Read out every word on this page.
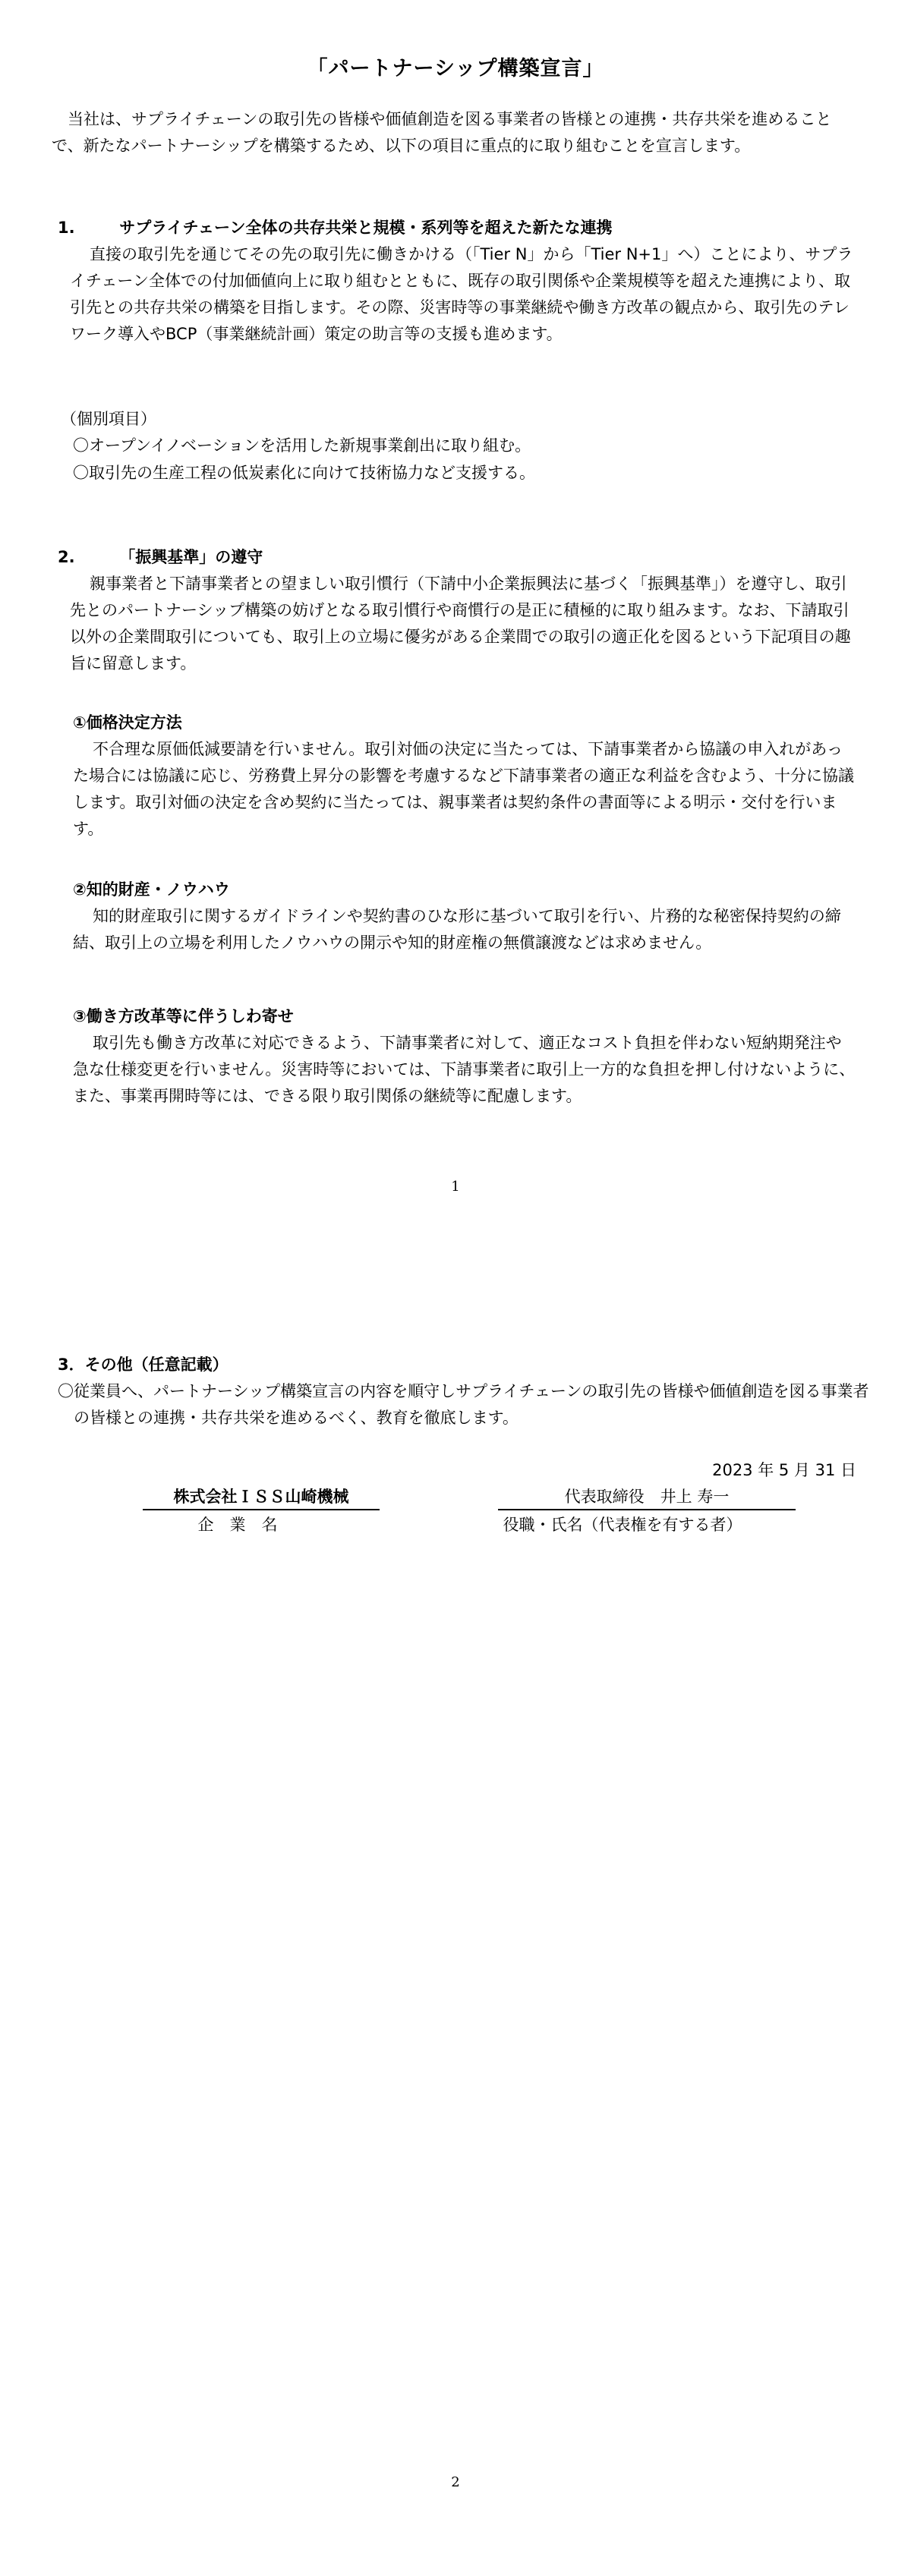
「パートナーシップ構築宣言」
当社は、サプライチェーンの取引先の皆様や価値創造を図る事業者の皆様との連携・共存共栄を進めることで、新たなパートナーシップを構築するため、以下の項目に重点的に取り組むことを宣言します。
1.	サプライチェーン全体の共存共栄と規模・系列等を超えた新たな連携
直接の取引先を通じてその先の取引先に働きかける（「Tier N」から「Tier N+1」へ）ことにより、サプライチェーン全体での付加価値向上に取り組むとともに、既存の取引関係や企業規模等を超えた連携により、取引先との共存共栄の構築を目指します。その際、災害時等の事業継続や働き方改革の観点から、取引先のテレワーク導入やBCP（事業継続計画）策定の助言等の支援も進めます。
（個別項目）
〇オープンイノベーションを活用した新規事業創出に取り組む。
〇取引先の生産工程の低炭素化に向けて技術協力など支援する。
2.	「振興基準」の遵守
親事業者と下請事業者との望ましい取引慣行（下請中小企業振興法に基づく「振興基準」）を遵守し、取引先とのパートナーシップ構築の妨げとなる取引慣行や商慣行の是正に積極的に取り組みます。なお、下請取引以外の企業間取引についても、取引上の立場に優劣がある企業間での取引の適正化を図るという下記項目の趣旨に留意します。
①価格決定方法
不合理な原価低減要請を行いません。取引対価の決定に当たっては、下請事業者から協議の申入れがあった場合には協議に応じ、労務費上昇分の影響を考慮するなど下請事業者の適正な利益を含むよう、十分に協議します。取引対価の決定を含め契約に当たっては、親事業者は契約条件の書面等による明示・交付を行います。
②知的財産・ノウハウ
知的財産取引に関するガイドラインや契約書のひな形に基づいて取引を行い、片務的な秘密保持契約の締結、取引上の立場を利用したノウハウの開示や知的財産権の無償譲渡などは求めません。
③働き方改革等に伴うしわ寄せ
取引先も働き方改革に対応できるよう、下請事業者に対して、適正なコスト負担を伴わない短納期発注や急な仕様変更を行いません。災害時等においては、下請事業者に取引上一方的な負担を押し付けないように、また、事業再開時等には、できる限り取引関係の継続等に配慮します。
1
3．その他（任意記載）
〇従業員へ、パートナーシップ構築宣言の内容を順守しサプライチェーンの取引先の皆様や価値創造を図る事業者の皆様との連携・共存共栄を進めるべく、教育を徹底します。
2023 年 5 月 31 日
株式会社ＩＳＳ山崎機械
企　業　名
代表取締役　井上 寿一
役職・氏名（代表権を有する者）
2
